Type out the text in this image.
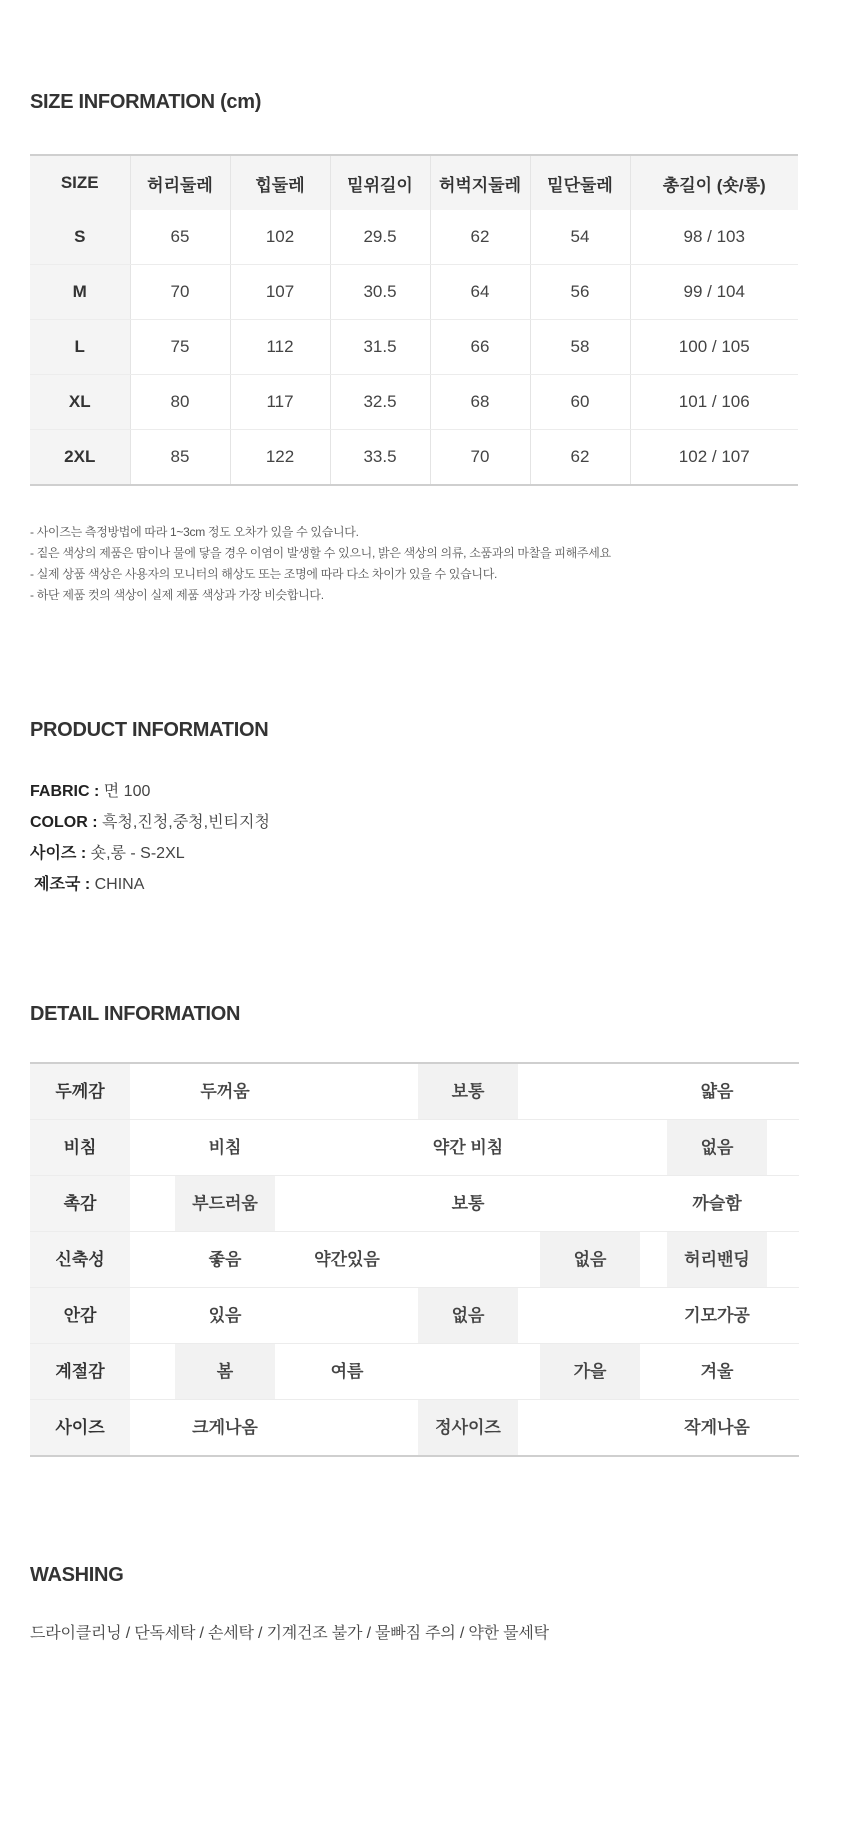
SIZE INFORMATION (cm)
SIZE	허리둘레	힙둘레	밑위길이	허벅지둘레	밑단둘레	총길이 (숏/롱)
S	65	102	29.5	62	54	98 / 103
M	70	107	30.5	64	56	99 / 104
L	75	112	31.5	66	58	100 / 105
XL	80	117	32.5	68	60	101 / 106
2XL	85	122	33.5	70	62	102 / 107
- 사이즈는 측정방법에 따라 1~3cm 정도 오차가 있을 수 있습니다.
- 짙은 색상의 제품은 땀이나 물에 닿을 경우 이염이 발생할 수 있으니, 밝은 색상의 의류, 소품과의 마찰을 피해주세요
- 실제 상품 색상은 사용자의 모니터의 해상도 또는 조명에 따라 다소 차이가 있을 수 있습니다.
- 하단 제품 컷의 색상이 실제 제품 색상과 가장 비슷합니다.
PRODUCT INFORMATION
FABRIC : 면 100
COLOR : 흑청,진청,중청,빈티지청
사이즈 : 숏,롱 - S-2XL
제조국 : CHINA
DETAIL INFORMATION
두께감	두꺼움	보통	얇음
비침	비침	약간 비침	없음
촉감	부드러움	보통	까슬함
신축성	좋음	약간있음	없음	허리밴딩
안감	있음	없음	기모가공
계절감	봄	여름	가을	겨울
사이즈	크게나옴	정사이즈	작게나옴
WASHING
드라이클리닝 / 단독세탁 / 손세탁 / 기계건조 불가 / 물빠짐 주의 / 약한 물세탁
